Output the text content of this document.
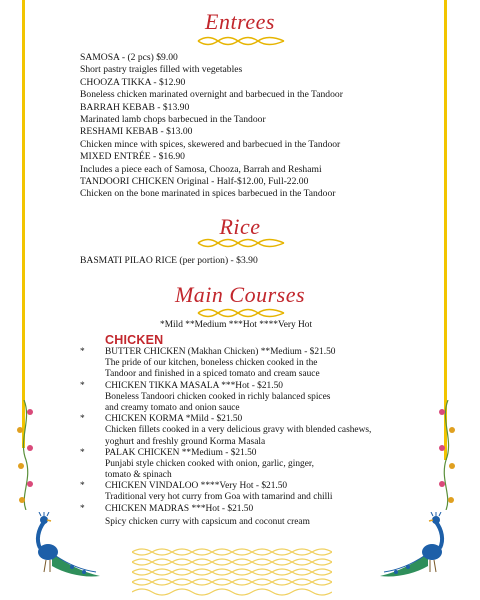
Entrees
SAMOSA - (2 pcs) $9.00
Short pastry traigles filled with vegetables
CHOOZA TIKKA - $12.90
Boneless chicken marinated overnight and barbecued in the Tandoor
BARRAH KEBAB - $13.90
Marinated lamb chops barbecued in the Tandoor
RESHAMI KEBAB - $13.00
Chicken mince with spices, skewered and barbecued in the Tandoor
MIXED ENTRÉE - $16.90
Includes a piece each of Samosa, Chooza, Barrah and Reshami
TANDOORI CHICKEN Original - Half-$12.00, Full-22.00
Chicken on the bone marinated in spices barbecued in the Tandoor
Rice
BASMATI PILAO RICE (per portion) - $3.90
Main Courses
*Mild **Medium ***Hot ****Very Hot
CHICKEN
*	BUTTER CHICKEN (Makhan Chicken) **Medium - $21.50
The pride of our kitchen, boneless chicken cooked in the
Tandoor and finished in a spiced tomato and cream sauce
*	CHICKEN TIKKA MASALA ***Hot - $21.50
Boneless Tandoori chicken cooked in richly balanced spices
and creamy tomato and onion sauce
*	CHICKEN KORMA *Mild - $21.50
Chicken fillets cooked in a very delicious gravy with blended cashews,
yoghurt and freshly ground Korma Masala
*	PALAK CHICKEN **Medium - $21.50
Punjabi style chicken cooked with onion, garlic, ginger,
tomato & spinach
*	CHICKEN VINDALOO ****Very Hot - $21.50
Traditional very hot curry from Goa with tamarind and chilli
*	CHICKEN MADRAS ***Hot - $21.50
Spicy chicken curry with capsicum and coconut cream
